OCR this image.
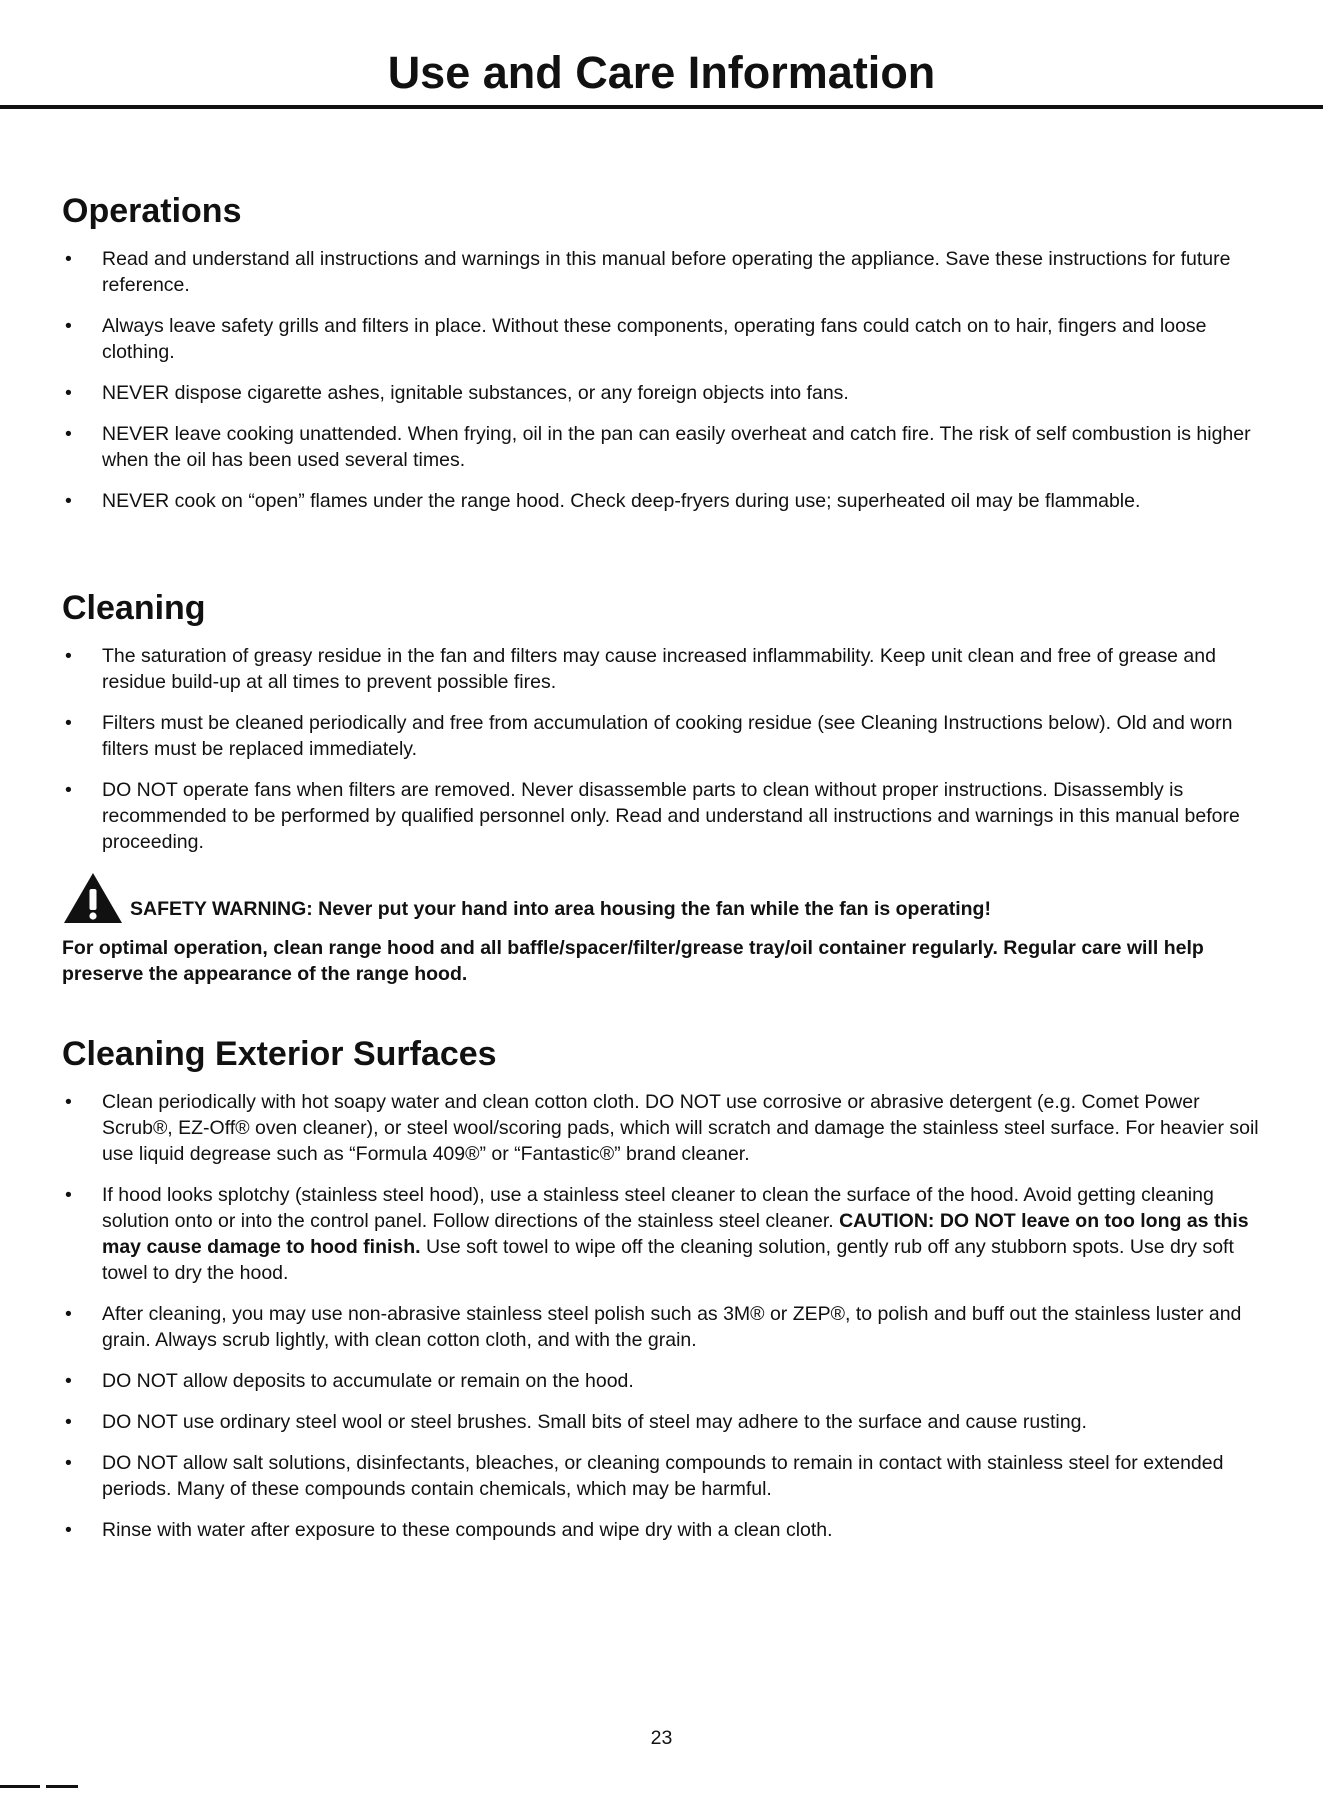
Use and Care Information
Operations
• Read and understand all instructions and warnings in this manual before operating the appliance. Save these instructions for future reference.
• Always leave safety grills and filters in place. Without these components, operating fans could catch on to hair, fingers and loose clothing.
• NEVER dispose cigarette ashes, ignitable substances, or any foreign objects into fans.
• NEVER leave cooking unattended. When frying, oil in the pan can easily overheat and catch fire. The risk of self combustion is higher when the oil has been used several times.
• NEVER cook on “open” flames under the range hood. Check deep-fryers during use; superheated oil may be flammable.
Cleaning
• The saturation of greasy residue in the fan and filters may cause increased inflammability. Keep unit clean and free of grease and residue build-up at all times to prevent possible fires.
• Filters must be cleaned periodically and free from accumulation of cooking residue (see Cleaning Instructions below). Old and worn filters must be replaced immediately.
• DO NOT operate fans when filters are removed. Never disassemble parts to clean without proper instructions. Disassembly is recommended to be performed by qualified personnel only. Read and understand all instructions and warnings in this manual before proceeding.
SAFETY WARNING: Never put your hand into area housing the fan while the fan is operating!
For optimal operation, clean range hood and all baffle/spacer/filter/grease tray/oil container regularly. Regular care will help preserve the appearance of the range hood.
Cleaning Exterior Surfaces
• Clean periodically with hot soapy water and clean cotton cloth. DO NOT use corrosive or abrasive detergent (e.g. Comet Power Scrub®, EZ-Off® oven cleaner), or steel wool/scoring pads, which will scratch and damage the stainless steel surface. For heavier soil use liquid degrease such as “Formula 409®” or “Fantastic®” brand cleaner.
• If hood looks splotchy (stainless steel hood), use a stainless steel cleaner to clean the surface of the hood. Avoid getting cleaning solution onto or into the control panel. Follow directions of the stainless steel cleaner. CAUTION: DO NOT leave on too long as this may cause damage to hood finish. Use soft towel to wipe off the cleaning solution, gently rub off any stubborn spots. Use dry soft towel to dry the hood.
• After cleaning, you may use non-abrasive stainless steel polish such as 3M® or ZEP®, to polish and buff out the stainless luster and grain. Always scrub lightly, with clean cotton cloth, and with the grain.
• DO NOT allow deposits to accumulate or remain on the hood.
• DO NOT use ordinary steel wool or steel brushes. Small bits of steel may adhere to the surface and cause rusting.
• DO NOT allow salt solutions, disinfectants, bleaches, or cleaning compounds to remain in contact with stainless steel for extended periods. Many of these compounds contain chemicals, which may be harmful.
• Rinse with water after exposure to these compounds and wipe dry with a clean cloth.
23
